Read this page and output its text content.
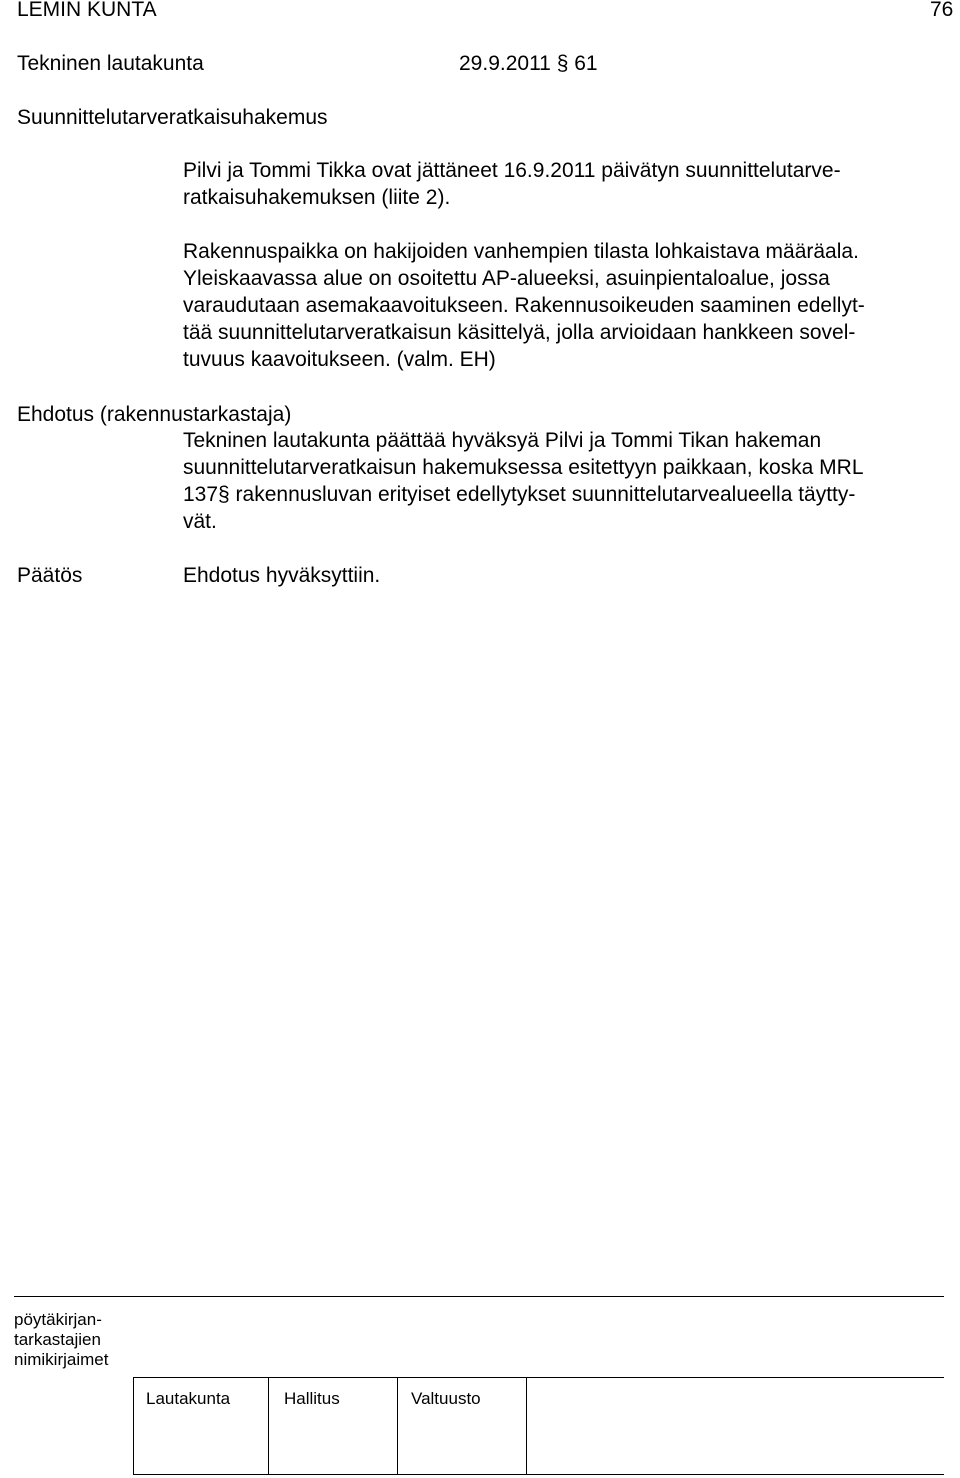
LEMIN KUNTA	76
Tekninen lautakunta	29.9.2011 § 61
Suunnittelutarveratkaisuhakemus
Pilvi ja Tommi Tikka ovat jättäneet 16.9.2011 päivätyn suunnittelutarve-
ratkaisuhakemuksen (liite 2).
Rakennuspaikka on hakijoiden vanhempien tilasta lohkaistava määräala.
Yleiskaavassa alue on osoitettu AP-alueeksi, asuinpientaloalue, jossa
varaudutaan asemakaavoitukseen. Rakennusoikeuden saaminen edellyt-
tää suunnittelutarveratkaisun käsittelyä, jolla arvioidaan hankkeen sovel-
tuvuus kaavoitukseen. (valm. EH)
Ehdotus (rakennustarkastaja)
Tekninen lautakunta päättää hyväksyä Pilvi ja Tommi Tikan hakeman
suunnittelutarveratkaisun hakemuksessa esitettyyn paikkaan, koska MRL
137§ rakennusluvan erityiset edellytykset suunnittelutarvealueella täytty-
vät.
Päätös	Ehdotus hyväksyttiin.
pöytäkirjan-
tarkastajien
nimikirjaimet
Lautakunta	Hallitus	Valtuusto
